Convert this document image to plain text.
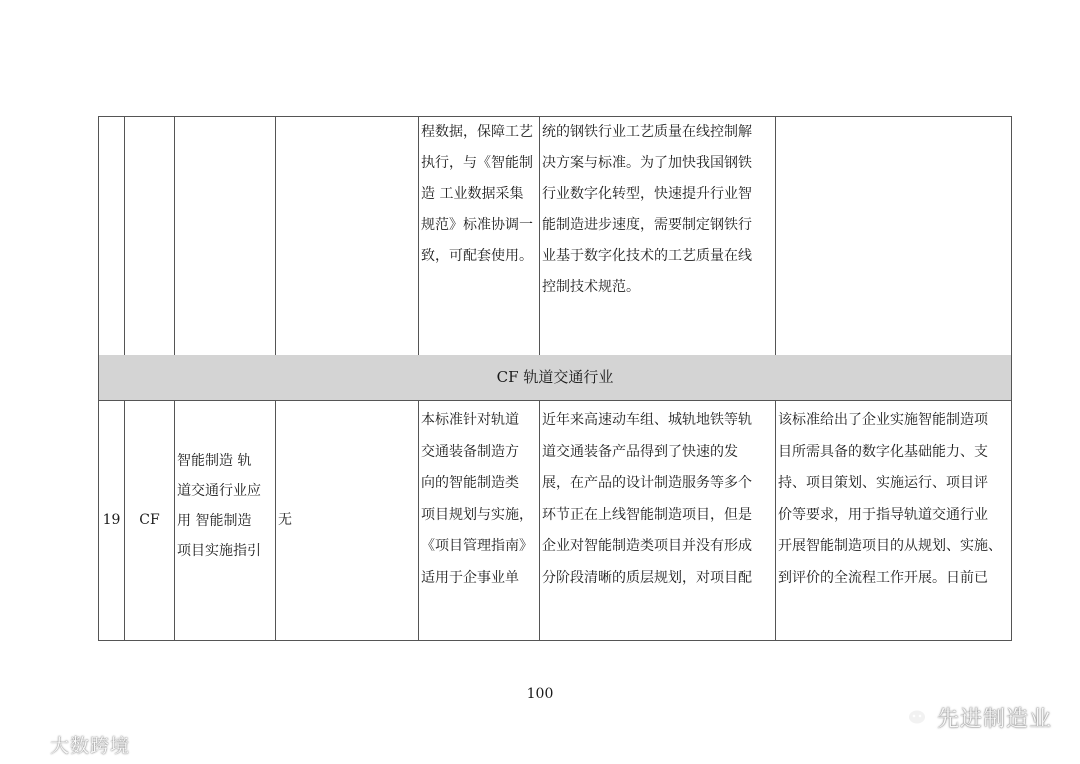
CF 轨道交通行业
程数据，保障工艺
执行，与《智能制
造 工业数据采集
规范》标准协调一
致，可配套使用。
统的钢铁行业工艺质量在线控制解
决方案与标准。为了加快我国钢铁
行业数字化转型，快速提升行业智
能制造进步速度，需要制定钢铁行
业基于数字化技术的工艺质量在线
控制技术规范。
19	CF
智能制造 轨
道交通行业应
用 智能制造
项目实施指引
无
本标准针对轨道
交通装备制造方
向的智能制造类
项目规划与实施，
《项目管理指南》
适用于企事业单
近年来高速动车组、城轨地铁等轨
道交通装备产品得到了快速的发
展，在产品的设计制造服务等多个
环节正在上线智能制造项目，但是
企业对智能制造类项目并没有形成
分阶段清晰的质层规划，对项目配
该标准给出了企业实施智能制造项
目所需具备的数字化基础能力、支
持、项目策划、实施运行、项目评
价等要求，用于指导轨道交通行业
开展智能制造项目的从规划、实施、
到评价的全流程工作开展。日前已
100
大数跨境
先进制造业
